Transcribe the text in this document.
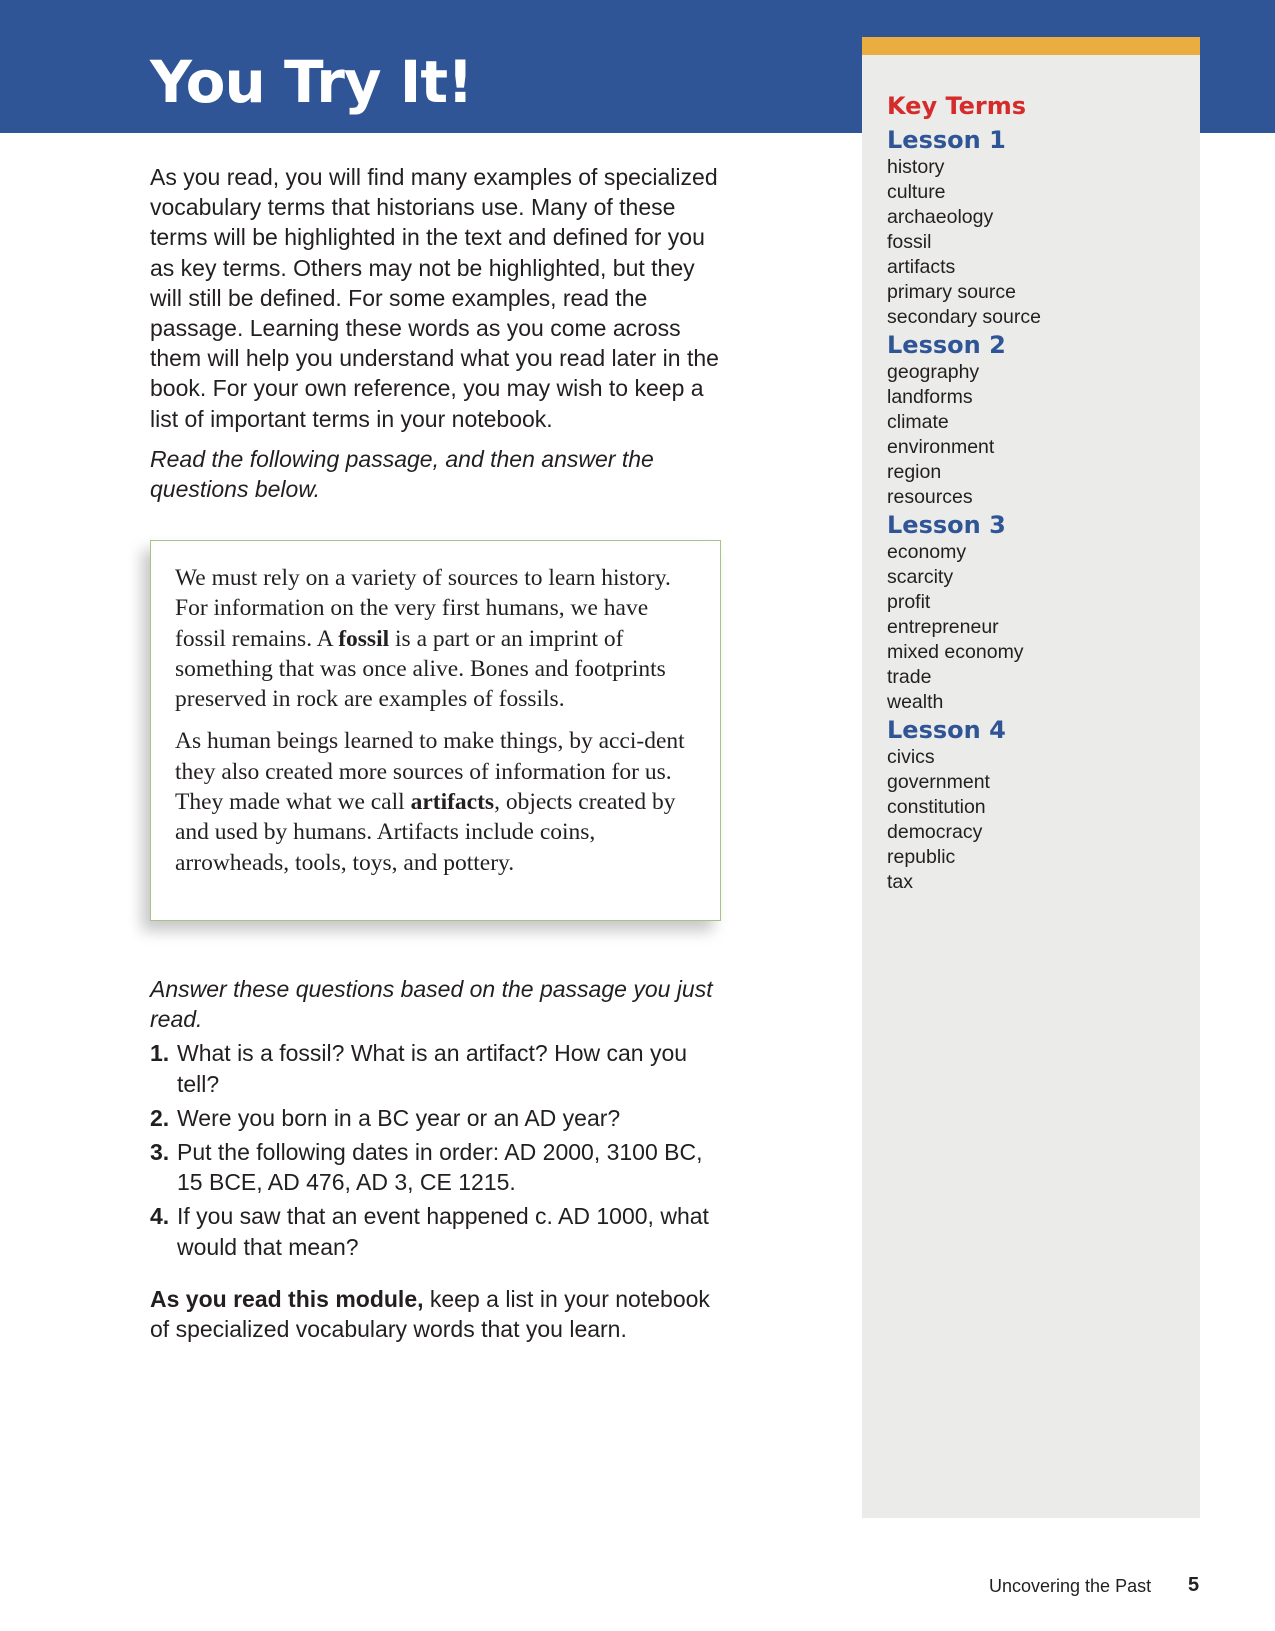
You Try It!

As you read, you will find many examples of specialized vocabulary terms that historians use. Many of these terms will be highlighted in the text and defined for you as key terms. Others may not be highlighted, but they will still be defined. For some examples, read the passage. Learning these words as you come across them will help you understand what you read later in the book. For your own reference, you may wish to keep a list of important terms in your notebook.

Read the following passage, and then answer the questions below.

We must rely on a variety of sources to learn history. For information on the very first humans, we have fossil remains. A fossil is a part or an imprint of something that was once alive. Bones and footprints preserved in rock are examples of fossils.

As human beings learned to make things, by acci-dent they also created more sources of information for us. They made what we call artifacts, objects created by and used by humans. Artifacts include coins, arrowheads, tools, toys, and pottery.

Answer these questions based on the passage you just read.

1. What is a fossil? What is an artifact? How can you tell?
2. Were you born in a BC year or an AD year?
3. Put the following dates in order: AD 2000, 3100 BC, 15 BCE, AD 476, AD 3, CE 1215.
4. If you saw that an event happened c. AD 1000, what would that mean?

As you read this module, keep a list in your notebook of specialized vocabulary words that you learn.

Key Terms
Lesson 1
history
culture
archaeology
fossil
artifacts
primary source
secondary source
Lesson 2
geography
landforms
climate
environment
region
resources
Lesson 3
economy
scarcity
profit
entrepreneur
mixed economy
trade
wealth
Lesson 4
civics
government
constitution
democracy
republic
tax
Uncovering the Past 5
